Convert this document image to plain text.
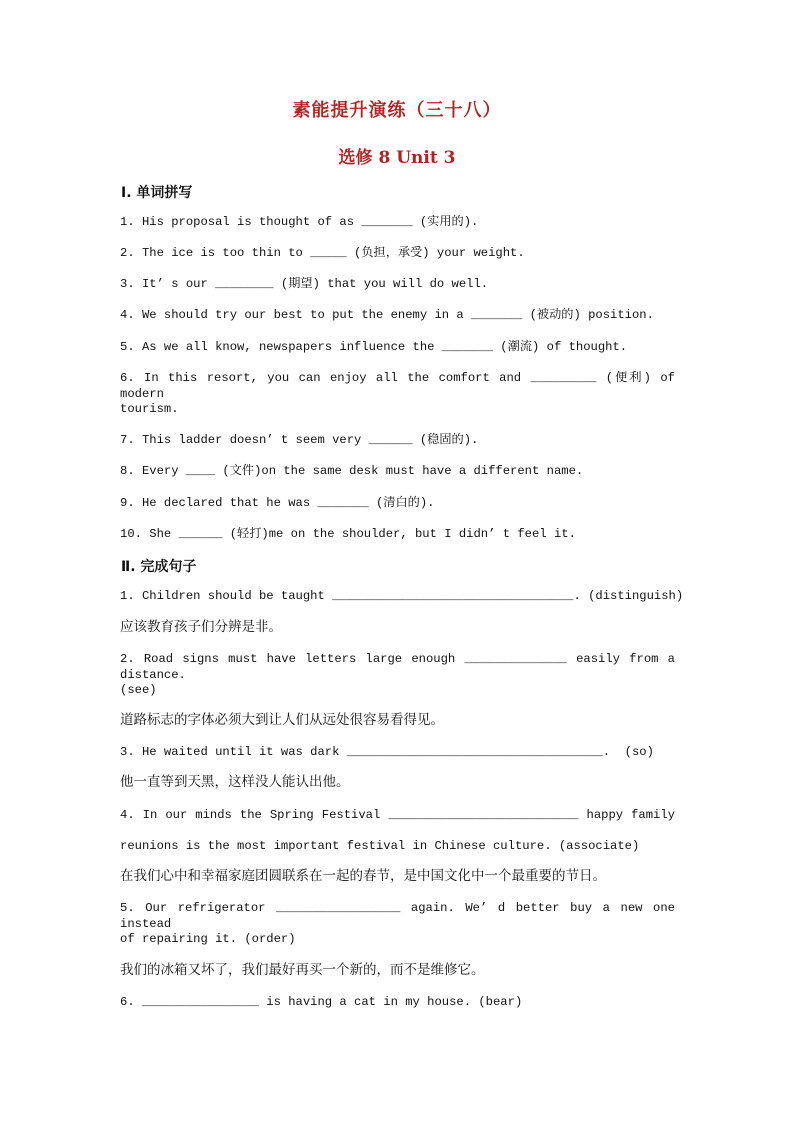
素能提升演练（三十八）
选修 8 Unit 3
Ⅰ. 单词拼写
1. His proposal is thought of as _______ (实用的).
2. The ice is too thin to _____ (负担，承受) your weight.
3. It’ s our ________ (期望) that you will do well.
4. We should try our best to put the enemy in a _______ (被动的) position.
5. As we all know, newspapers influence the _______ (潮流) of thought.
6. In this resort, you can enjoy all the comfort and _________ (便利) of modern
tourism.
7. This ladder doesn’ t seem very ______ (稳固的).
8. Every ____ (文件)on the same desk must have a different name.
9. He declared that he was _______ (清白的).
10. She ______ (轻打)me on the shoulder, but I didn’ t feel it.
Ⅱ. 完成句子
1. Children should be taught _________________________________. (distinguish)
应该教育孩子们分辨是非。
2. Road signs must have letters large enough ______________ easily from a distance.
(see)
道路标志的字体必须大到让人们从远处很容易看得见。
3. He waited until it was dark ___________________________________.  (so)
他一直等到天黑，这样没人能认出他。
4. In our minds the Spring Festival __________________________ happy family
reunions is the most important festival in Chinese culture. (associate)
在我们心中和幸福家庭团圆联系在一起的春节，是中国文化中一个最重要的节日。
5. Our refrigerator _________________ again. We’ d better buy a new one instead
of repairing it. (order)
我们的冰箱又坏了，我们最好再买一个新的，而不是维修它。
6. ________________ is having a cat in my house. (bear)
